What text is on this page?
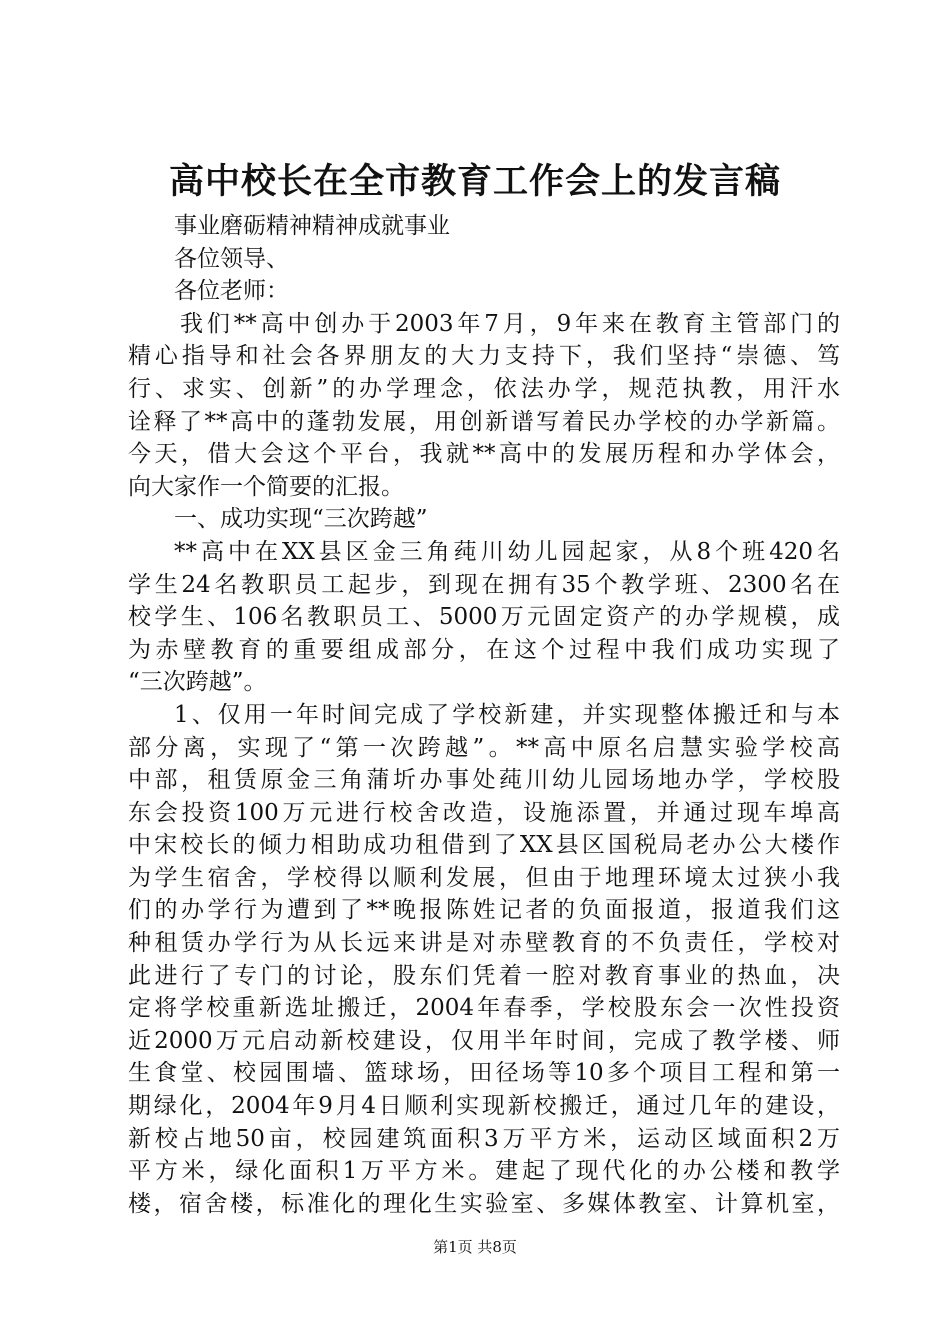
高中校长在全市教育工作会上的发言稿
事业磨砺精神精神成就事业
各位领导、
各位老师：
我们**高中创办于2003年7月，9年来在教育主管部门的
精心指导和社会各界朋友的大力支持下，我们坚持“崇德、笃
行、求实、创新”的办学理念，依法办学，规范执教，用汗水
诠释了**高中的蓬勃发展，用创新谱写着民办学校的办学新篇。
今天，借大会这个平台，我就**高中的发展历程和办学体会，
向大家作一个简要的汇报。
一、成功实现“三次跨越”
**高中在XX县区金三角莼川幼儿园起家，从8个班420名
学生24名教职员工起步，到现在拥有35个教学班、2300名在
校学生、106名教职员工、5000万元固定资产的办学规模，成
为赤壁教育的重要组成部分，在这个过程中我们成功实现了
“三次跨越”。
1、仅用一年时间完成了学校新建，并实现整体搬迁和与本
部分离，实现了“第一次跨越”。**高中原名启慧实验学校高
中部，租赁原金三角蒲圻办事处莼川幼儿园场地办学，学校股
东会投资100万元进行校舍改造，设施添置，并通过现车埠高
中宋校长的倾力相助成功租借到了XX县区国税局老办公大楼作
为学生宿舍，学校得以顺利发展，但由于地理环境太过狭小我
们的办学行为遭到了**晚报陈姓记者的负面报道，报道我们这
种租赁办学行为从长远来讲是对赤壁教育的不负责任，学校对
此进行了专门的讨论，股东们凭着一腔对教育事业的热血，决
定将学校重新选址搬迁，2004年春季，学校股东会一次性投资
近2000万元启动新校建设，仅用半年时间，完成了教学楼、师
生食堂、校园围墙、篮球场，田径场等10多个项目工程和第一
期绿化，2004年9月4日顺利实现新校搬迁，通过几年的建设，
新校占地50亩，校园建筑面积3万平方米，运动区域面积2万
平方米，绿化面积1万平方米。建起了现代化的办公楼和教学
楼，宿舍楼，标准化的理化生实验室、多媒体教室、计算机室，
第1页 共8页
